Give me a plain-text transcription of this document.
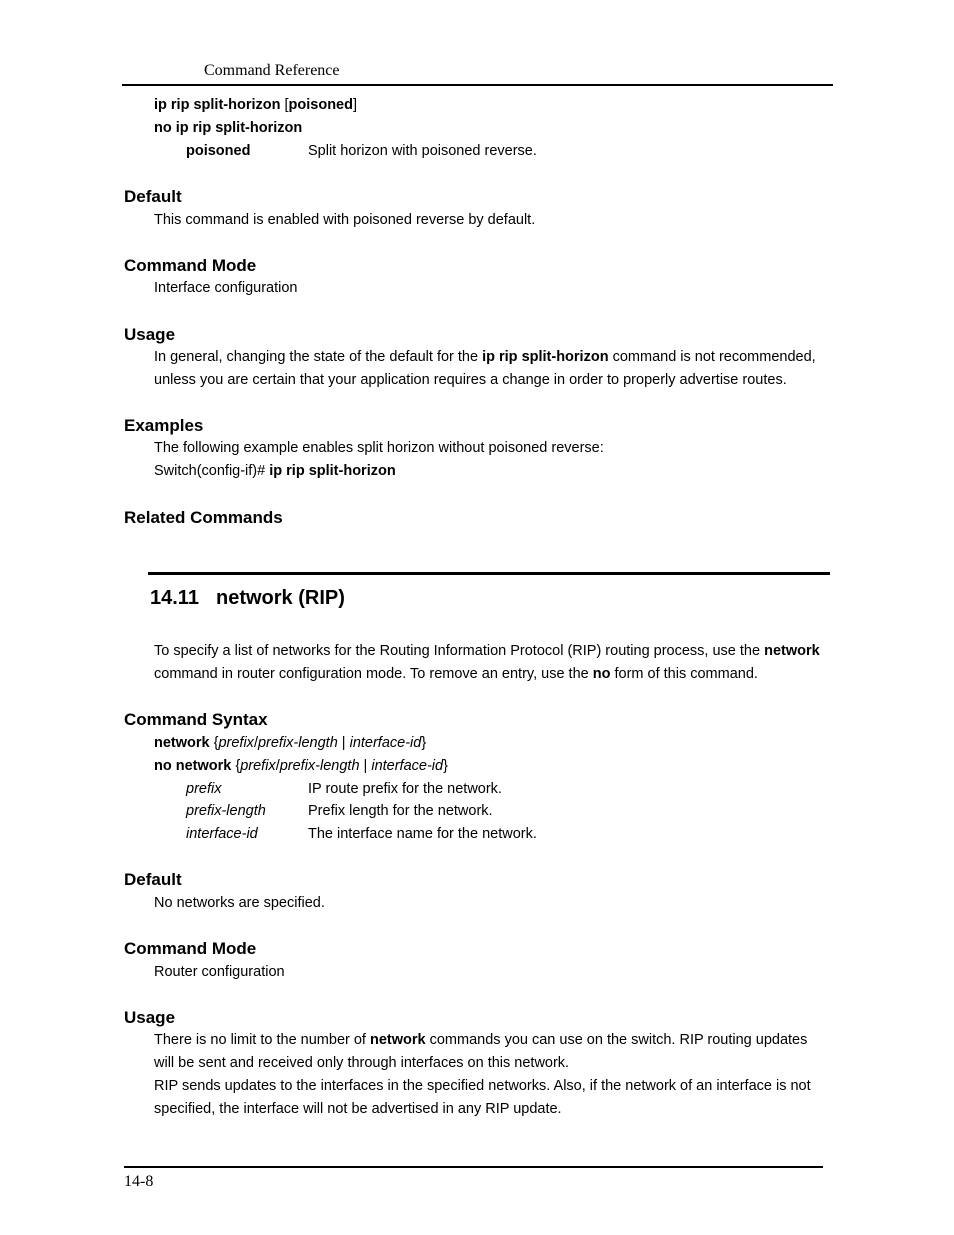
Command Reference
ip rip split-horizon [poisoned]
no ip rip split-horizon
poisoned	Split horizon with poisoned reverse.
Default
This command is enabled with poisoned reverse by default.
Command Mode
Interface configuration
Usage
In general, changing the state of the default for the ip rip split-horizon command is not recommended,
unless you are certain that your application requires a change in order to properly advertise routes.
Examples
The following example enables split horizon without poisoned reverse:
Switch(config-if)# ip rip split-horizon
Related Commands
14.11 network (RIP)
To specify a list of networks for the Routing Information Protocol (RIP) routing process, use the network
command in router configuration mode. To remove an entry, use the no form of this command.
Command Syntax
network {prefix/prefix-length | interface-id}
no network {prefix/prefix-length | interface-id}
prefix	IP route prefix for the network.
prefix-length	Prefix length for the network.
interface-id	The interface name for the network.
Default
No networks are specified.
Command Mode
Router configuration
Usage
There is no limit to the number of network commands you can use on the switch. RIP routing updates
will be sent and received only through interfaces on this network.
RIP sends updates to the interfaces in the specified networks. Also, if the network of an interface is not
specified, the interface will not be advertised in any RIP update.
14-8
